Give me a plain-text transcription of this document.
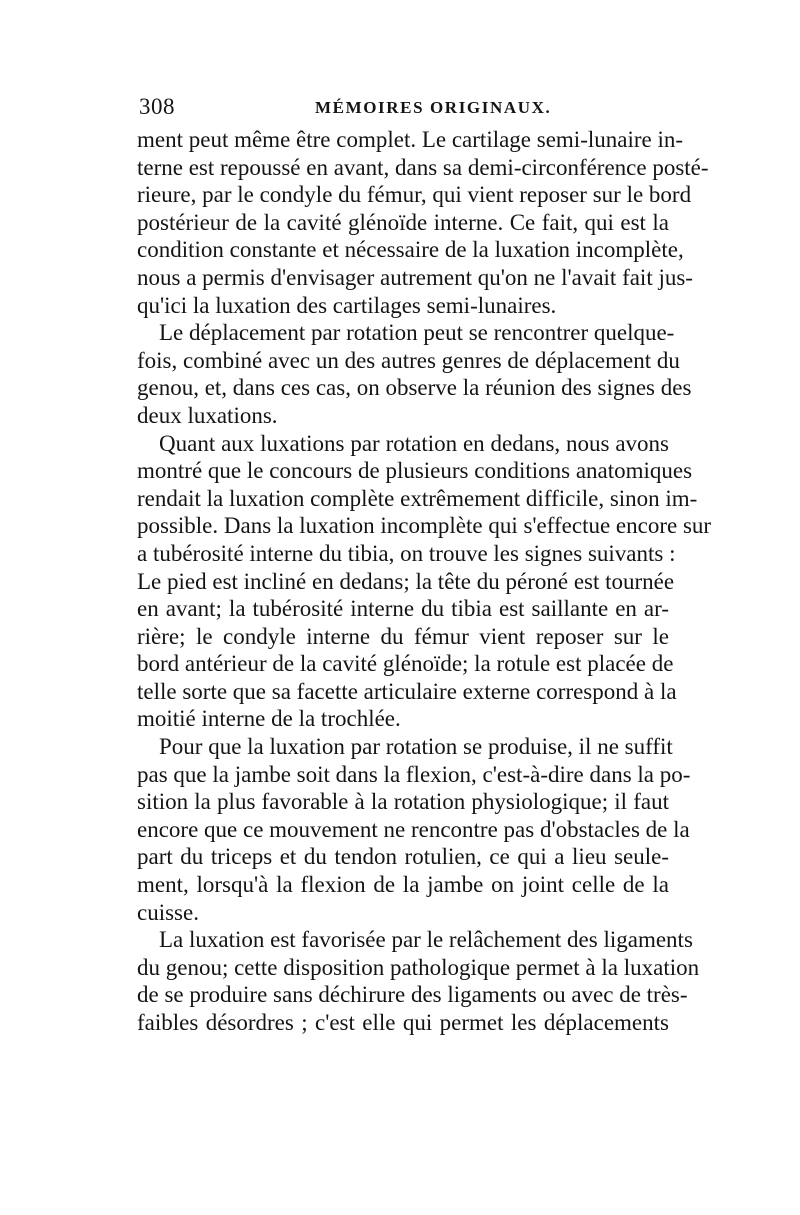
308	MÉMOIRES ORIGINAUX.
ment peut même être complet. Le cartilage semi-lunaire in-
terne est repoussé en avant, dans sa demi-circonférence posté-
rieure, par le condyle du fémur, qui vient reposer sur le bord
postérieur de la cavité glénoïde interne. Ce fait, qui est la
condition constante et nécessaire de la luxation incomplète,
nous a permis d'envisager autrement qu'on ne l'avait fait jus-
qu'ici la luxation des cartilages semi-lunaires.
Le déplacement par rotation peut se rencontrer quelque-
fois, combiné avec un des autres genres de déplacement du
genou, et, dans ces cas, on observe la réunion des signes des
deux luxations.
Quant aux luxations par rotation en dedans, nous avons
montré que le concours de plusieurs conditions anatomiques
rendait la luxation complète extrêmement difficile, sinon im-
possible. Dans la luxation incomplète qui s'effectue encore sur
a tubérosité interne du tibia, on trouve les signes suivants :
Le pied est incliné en dedans; la tête du péroné est tournée
en avant; la tubérosité interne du tibia est saillante en ar-
rière; le condyle interne du fémur vient reposer sur le
bord antérieur de la cavité glénoïde; la rotule est placée de
telle sorte que sa facette articulaire externe correspond à la
moitié interne de la trochlée.
Pour que la luxation par rotation se produise, il ne suffit
pas que la jambe soit dans la flexion, c'est-à-dire dans la po-
sition la plus favorable à la rotation physiologique; il faut
encore que ce mouvement ne rencontre pas d'obstacles de la
part du triceps et du tendon rotulien, ce qui a lieu seule-
ment, lorsqu'à la flexion de la jambe on joint celle de la
cuisse.
La luxation est favorisée par le relâchement des ligaments
du genou; cette disposition pathologique permet à la luxation
de se produire sans déchirure des ligaments ou avec de très-
faibles désordres ; c'est elle qui permet les déplacements
